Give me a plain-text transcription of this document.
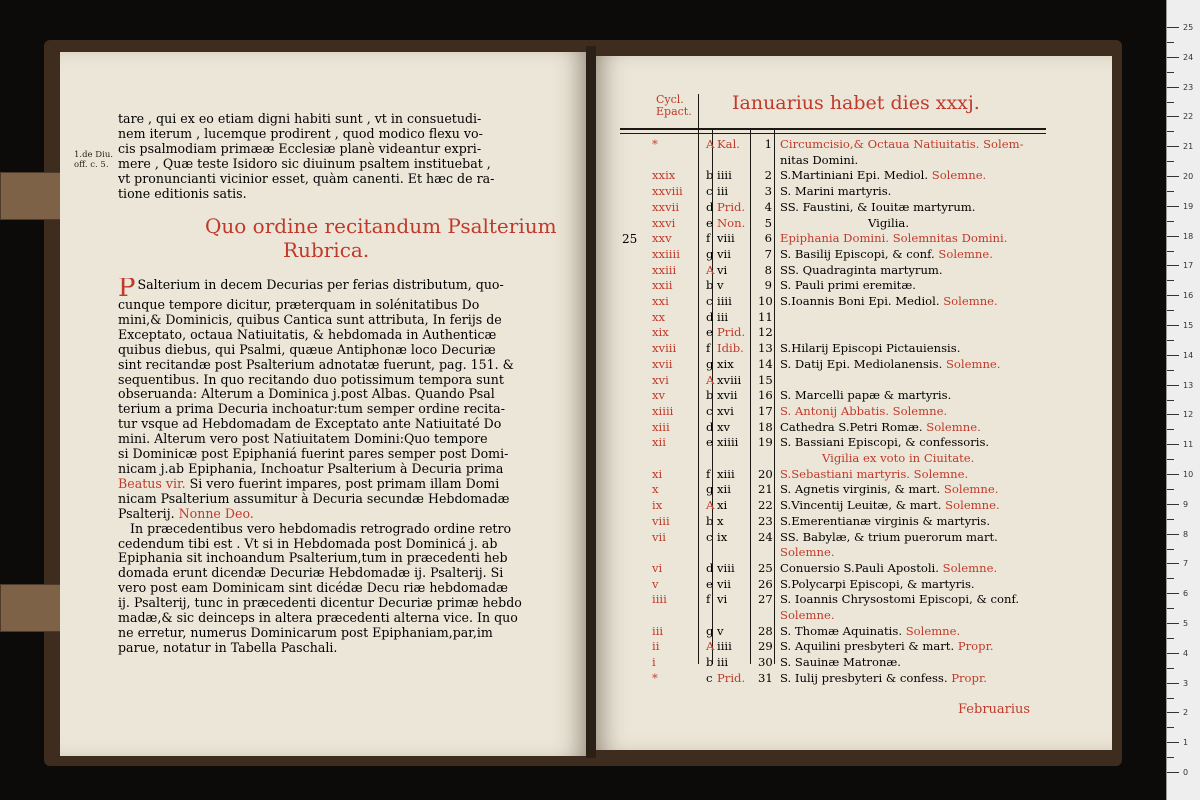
tare , qui ex eo etiam digni habiti sunt , vt in consuetudi-
nem iterum , lucemque prodirent , quod modico flexu vo-
cis psalmodiam primææ Ecclesiæ planè videantur expri-
mere , Quæ teste Isidoro sic diuinum psaltem instituebat ,
vt pronuncianti vicinior esset, quàm canenti. Et hæc de ra-
tione editionis satis.
1.de Diu.
off. c. 5.
Quo ordine recitandum Psalterium
Rubrica.
P Salterium in decem Decurias per ferias distributum, quo-
cunque tempore dicitur, præterquam in solénitatibus Do
mini,& Dominicis, quibus Cantica sunt attributa, In ferijs de
Exceptato, octaua Natiuitatis, & hebdomada in Authenticæ
quibus diebus, qui Psalmi, quæue Antiphonæ loco Decuriæ
sint recitandæ post Psalterium adnotatæ fuerunt, pag. 151. &
sequentibus. In quo recitando duo potissimum tempora sunt
obseruanda: Alterum a Dominica j.post Albas. Quando Psal
terium a prima Decuria inchoatur:tum semper ordine recita-
tur vsque ad Hebdomadam de Exceptato ante Natiuitaté Do
mini. Alterum vero post Natiuitatem Domini:Quo tempore
si Dominicæ post Epiphaniá fuerint pares semper post Domi-
nicam j.ab Epiphania, Inchoatur Psalterium à Decuria prima
Beatus vir. Si vero fuerint impares, post primam illam Domi
nicam Psalterium assumitur à Decuria secundæ Hebdomadæ
Psalterij. Nonne Deo.
In præcedentibus vero hebdomadis retrogrado ordine retro
cedendum tibi est . Vt si in Hebdomada post Dominicá j. ab
Epiphania sit inchoandum Psalterium,tum in præcedenti heb
domada erunt dicendæ Decuriæ Hebdomadæ ij. Psalterij. Si
vero post eam Dominicam sint dicédæ Decu riæ hebdomadæ
ij. Psalterij, tunc in præcedenti dicentur Decuriæ primæ hebdo
madæ,& sic deinceps in altera præcedenti alterna vice. In quo
ne erretur, numerus Dominicarum post Epiphaniam,par,im
parue, notatur in Tabella Paschali.
Cycl.
Epact. Ianuarius habet dies xxxj.
25
*	A Kal.	1 Circumcisio,& Octaua Natiuitatis. Solem-
nitas Domini.
xxix	b iiii	2 S.Martiniani Epi. Mediol. Solemne.
xxviii c iii	3 S. Marini martyris.
xxvii d Prid.	4 SS. Faustini, & Iouitæ martyrum.
xxvi	e Non.	5	Vigilia.
xxv	f viii	6 Epiphania Domini. Solemnitas Domini.
xxiiii g vii	7 S. Basilij Episcopi, & conf. Solemne.
xxiii	A vi	8 SS. Quadraginta martyrum.
xxii	b v	9 S. Pauli primi eremitæ.
xxi	c iiii 10 S.Ioannis Boni Epi. Mediol. Solemne.
xx	d iii	11
xix	e Prid. 12
xviii	f Idib. 13 S.Hilarij Episcopi Pictauiensis.
xvii	g xix 14 S. Datij Epi. Mediolanensis. Solemne.
xvi	A xviii 15
xv	b xvii 16 S. Marcelli papæ & martyris.
xiiii	c xvi 17 S. Antonij Abbatis. Solemne.
xiii	d xv 18 Cathedra S.Petri Romæ. Solemne.
xii	e xiiii 19 S. Bassiani Episcopi, & confessoris.
Vigilia ex voto in Ciuitate.
xi	f xiii 20 S.Sebastiani martyris. Solemne.
x	g xii 21 S. Agnetis virginis, & mart. Solemne.
ix	A xi	22 S.Vincentij Leuitæ, & mart. Solemne.
viii	b x	23 S.Emerentianæ virginis & martyris.
vii	c ix	24 SS. Babylæ, & trium puerorum mart.
Solemne.
vi	d viii 25 Conuersio S.Pauli Apostoli. Solemne.
v	e vii 26 S.Polycarpi Episcopi, & martyris.
iiii	f vi	27 S. Ioannis Chrysostomi Episcopi, & conf.
Solemne.
iii	g v	28 S. Thomæ Aquinatis. Solemne.
ii	A iiii 29 S. Aquilini presbyteri & mart. Propr.
i	b iii	30 S. Sauinæ Matronæ.
*	c Prid. 31 S. Iulij presbyteri & confess. Propr.
Februarius
25
24
23
22
21
20
19
18
17
16
15
14
13
12
11
10
9
8
7
6
5
4
3
2
1
0
